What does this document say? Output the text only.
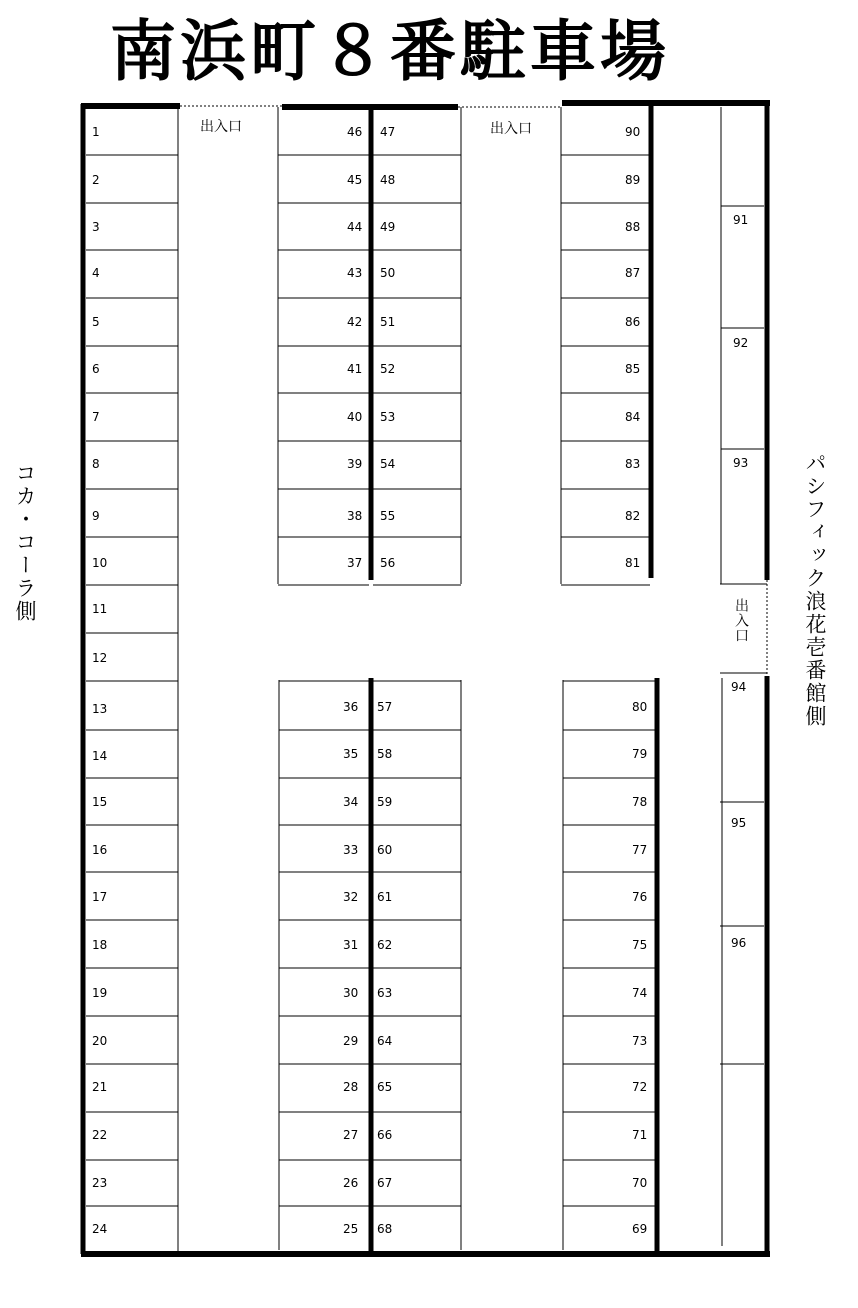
南浜町８番駐車場
コカ・コーラ側	パシフィック浪花壱番館側
出入口	出入口
出入口
1
2
3
4
5
6
7
8
9
10
11
12
13
14
15
16
17
18
19
20
21
22
23
24
46
45
44
43
42
41
40
39
38
37
47
48
49
50
51
52
53
54
55
56
90
89
88
87
86
85
84
83
82
81
36
35
34
33
32
31
30
29
28
27
26
25
57
58
59
60
61
62
63
64
65
66
67
68
80
79
78
77
76
75
74
73
72
71
70
69
91
92
93
94
95
96
